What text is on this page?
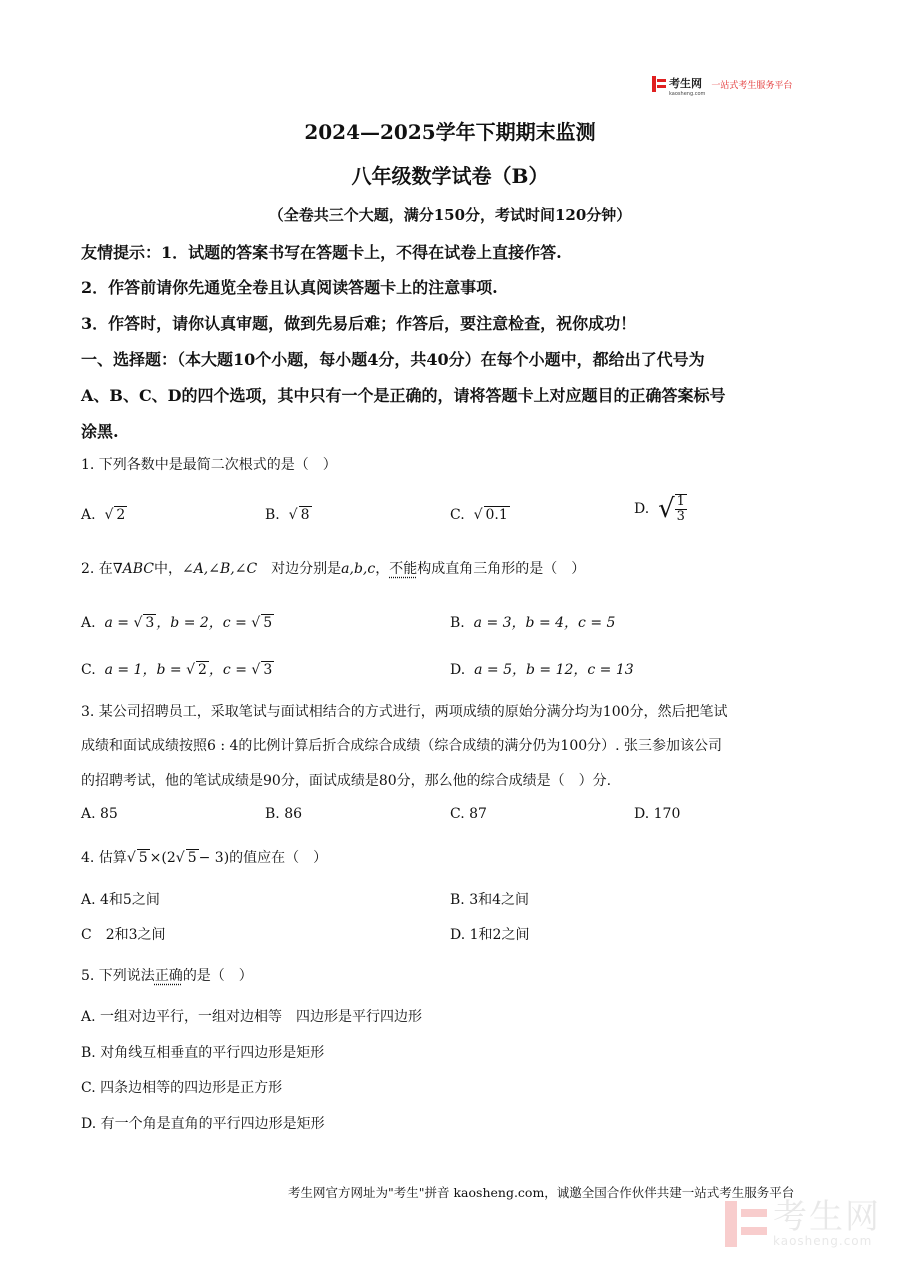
考生网
kaosheng.com
一站式考生服务平台
2024—2025学年下期期末监测
八年级数学试卷（B）
（全卷共三个大题，满分150分，考试时间120分钟）
友情提示：1．试题的答案书写在答题卡上，不得在试卷上直接作答.
2．作答前请你先通览全卷且认真阅读答题卡上的注意事项.
3．作答时，请你认真审题，做到先易后难；作答后，要注意检查，祝你成功！
一、选择题：（本大题10个小题，每小题4分，共40分）在每个小题中，都给出了代号为
A、B、C、D的四个选项，其中只有一个是正确的，请将答题卡上对应题目的正确答案标号
涂黑.
1. 下列各数中是最简二次根式的是（　）
A.  √ 2	B.  √ 8	C.  √ 0.1	D. √ $\frac{1}{3}$
2. 在∇ABC中，∠A,∠B,∠C　对边分别是a,b,c，不能构成直角三角形的是（　）
A. a = √ 3 ，b = 2，c = √ 5	B. a = 3，b = 4，c = 5
C. a = 1，b = √ 2 ，c = √ 3	D. a = 5，b = 12，c = 13
3. 某公司招聘员工，采取笔试与面试相结合的方式进行，两项成绩的原始分满分均为100分，然后把笔试
成绩和面试成绩按照6 : 4的比例计算后折合成综合成绩（综合成绩的满分仍为100分）. 张三参加该公司
的招聘考试，他的笔试成绩是90分，面试成绩是80分，那么他的综合成绩是（　）分.
A. 85	B. 86	C. 87	D. 170
4. 估算√ 5 ×(2√ 5 − 3)的值应在（　）
A. 4和5之间	B. 3和4之间
C　2和3之间	D. 1和2之间
5. 下列说法正确的是（　）
A. 一组对边平行，一组对边相等　四边形是平行四边形
B. 对角线互相垂直的平行四边形是矩形
C. 四条边相等的四边形是正方形
D. 有一个角是直角的平行四边形是矩形
考生网官方网址为"考生"拼音 kaosheng.com，诚邀全国合作伙伴共建一站式考生服务平台
考生网
kaosheng.com
